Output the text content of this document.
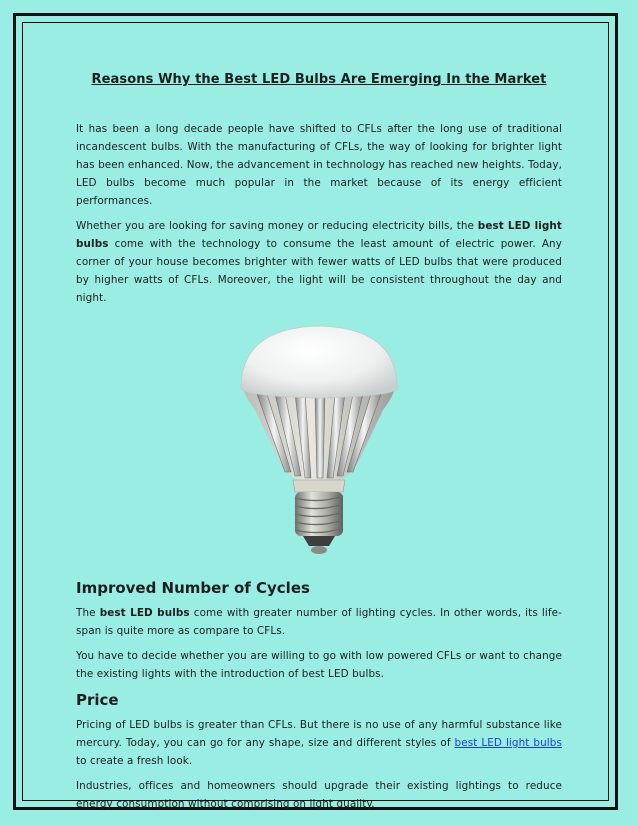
Reasons Why the Best LED Bulbs Are Emerging In the Market

It has been a long decade people have shifted to CFLs after the long use of traditional incandescent bulbs. With the manufacturing of CFLs, the way of looking for brighter light has been enhanced. Now, the advancement in technology has reached new heights. Today, LED bulbs become much popular in the market because of its energy efficient performances.

Whether you are looking for saving money or reducing electricity bills, the best LED light bulbs come with the technology to consume the least amount of electric power. Any corner of your house becomes brighter with fewer watts of LED bulbs that were produced by higher watts of CFLs. Moreover, the light will be consistent throughout the day and night.

Improved Number of Cycles

The best LED bulbs come with greater number of lighting cycles. In other words, its life-span is quite more as compare to CFLs.

You have to decide whether you are willing to go with low powered CFLs or want to change the existing lights with the introduction of best LED bulbs.

Price

Pricing of LED bulbs is greater than CFLs. But there is no use of any harmful substance like mercury. Today, you can go for any shape, size and different styles of best LED light bulbs to create a fresh look.

Industries, offices and homeowners should upgrade their existing lightings to reduce energy consumption without comprising on light quality.
